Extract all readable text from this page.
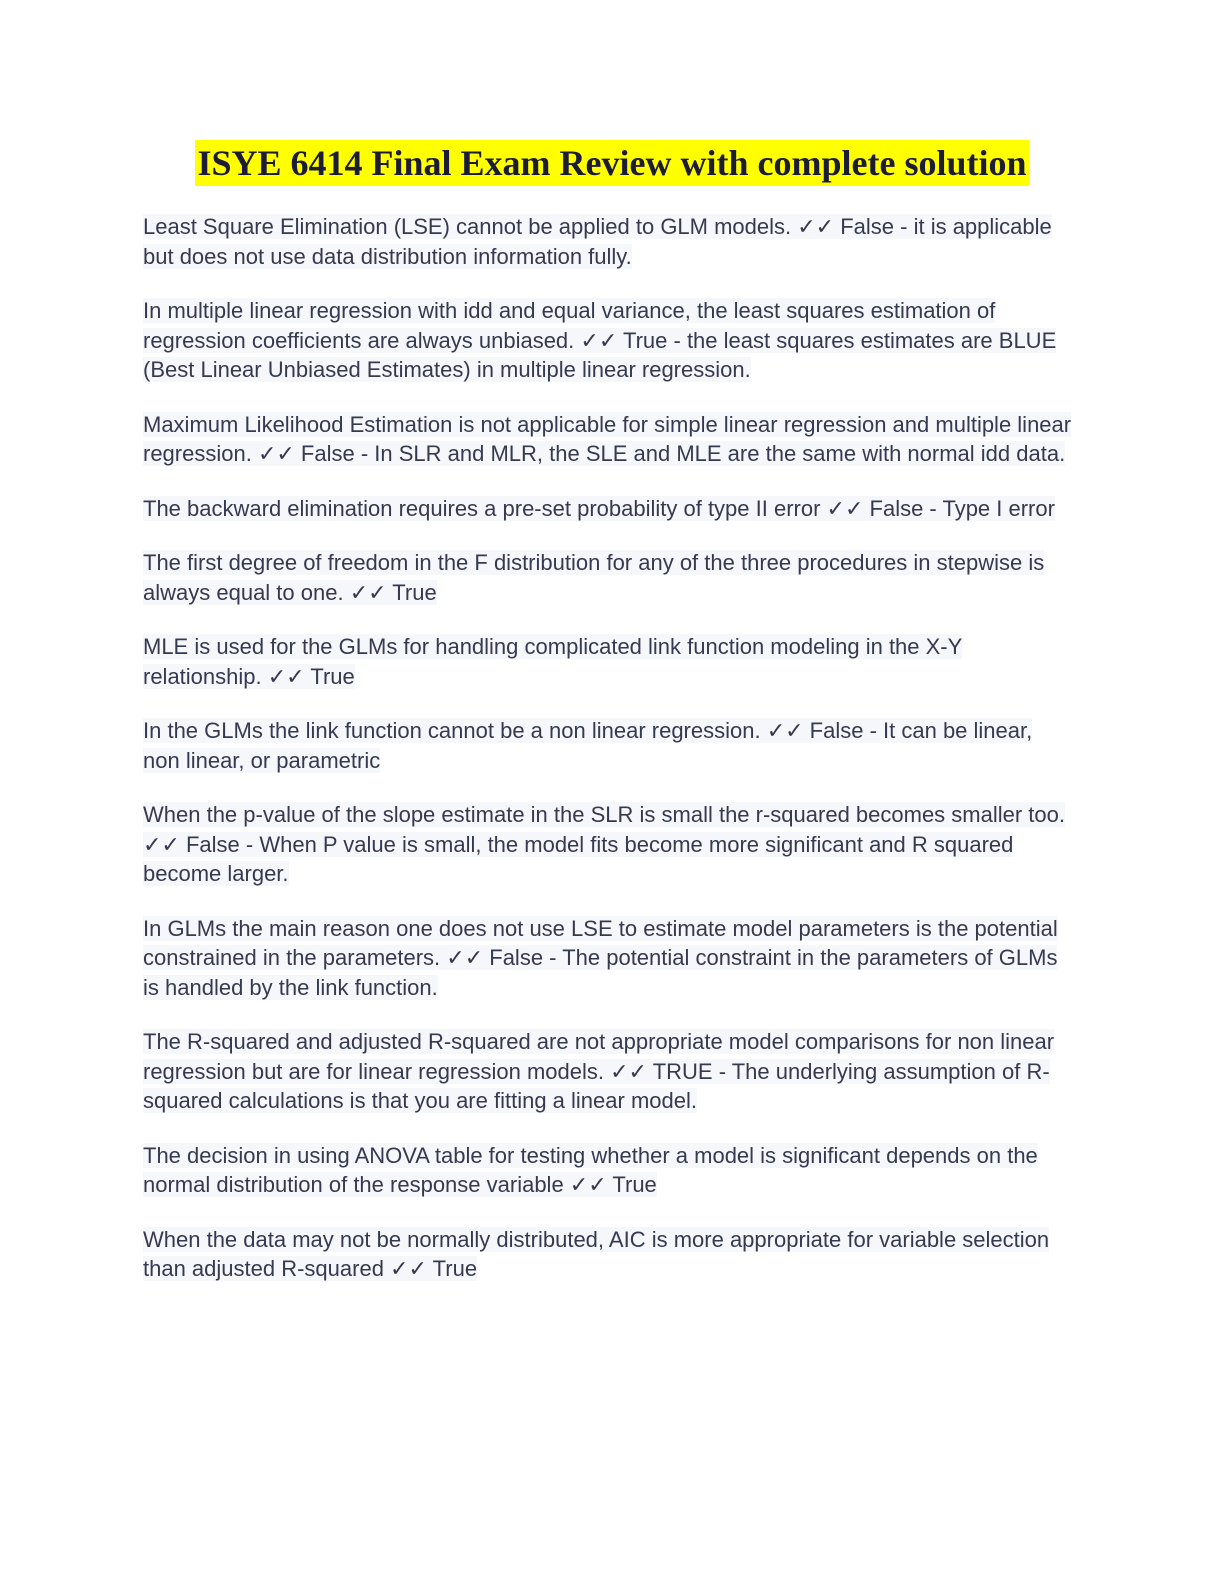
ISYE 6414 Final Exam Review with complete solution

Least Square Elimination (LSE) cannot be applied to GLM models. ✓✓ False - it is applicable but does not use data distribution information fully.

In multiple linear regression with idd and equal variance, the least squares estimation of regression coefficients are always unbiased. ✓✓ True - the least squares estimates are BLUE (Best Linear Unbiased Estimates) in multiple linear regression.

Maximum Likelihood Estimation is not applicable for simple linear regression and multiple linear regression. ✓✓ False - In SLR and MLR, the SLE and MLE are the same with normal idd data.

The backward elimination requires a pre-set probability of type II error ✓✓ False - Type I error

The first degree of freedom in the F distribution for any of the three procedures in stepwise is always equal to one. ✓✓ True

MLE is used for the GLMs for handling complicated link function modeling in the X-Y relationship. ✓✓ True

In the GLMs the link function cannot be a non linear regression. ✓✓ False - It can be linear, non linear, or parametric

When the p-value of the slope estimate in the SLR is small the r-squared becomes smaller too. ✓✓ False - When P value is small, the model fits become more significant and R squared become larger.

In GLMs the main reason one does not use LSE to estimate model parameters is the potential constrained in the parameters. ✓✓ False - The potential constraint in the parameters of GLMs is handled by the link function.

The R-squared and adjusted R-squared are not appropriate model comparisons for non linear regression but are for linear regression models. ✓✓ TRUE - The underlying assumption of R-squared calculations is that you are fitting a linear model.

The decision in using ANOVA table for testing whether a model is significant depends on the normal distribution of the response variable ✓✓ True

When the data may not be normally distributed, AIC is more appropriate for variable selection than adjusted R-squared ✓✓ True
